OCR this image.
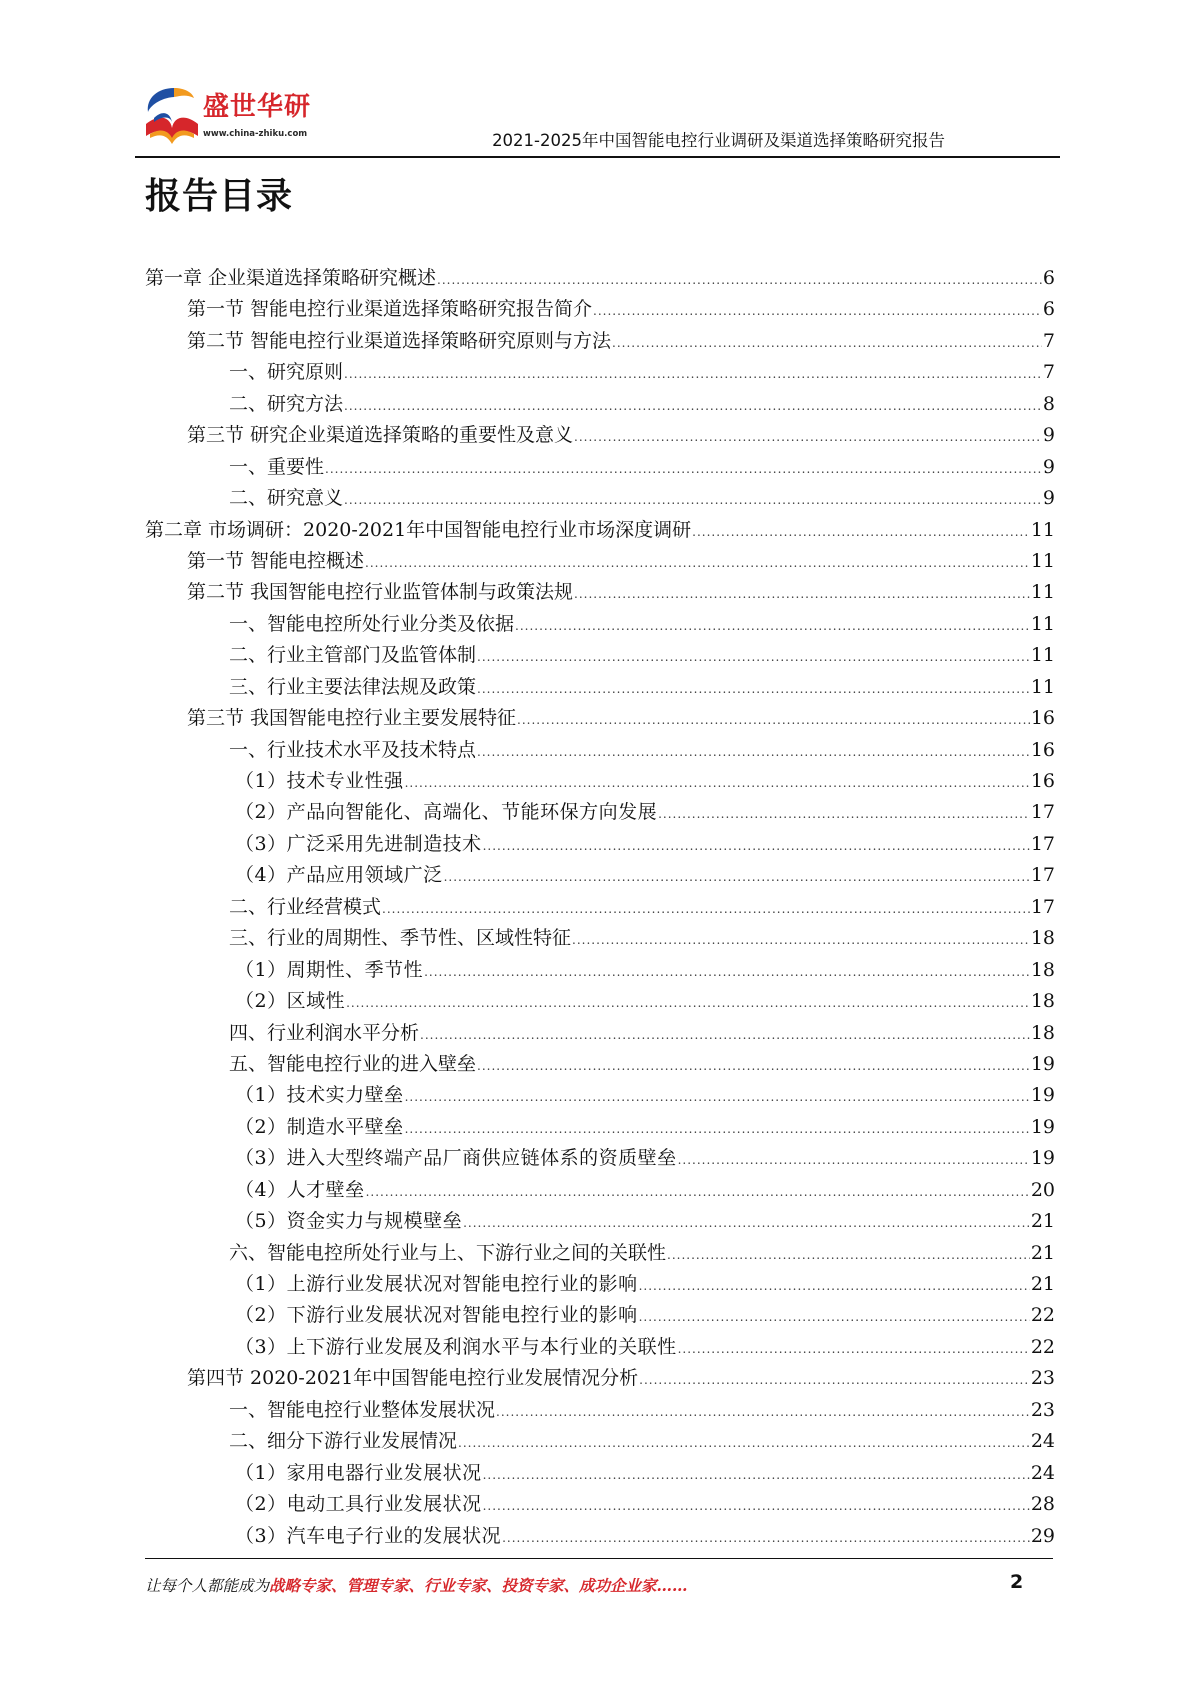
盛世华研
www.china-zhiku.com	2021-2025年中国智能电控行业调研及渠道选择策略研究报告
报告目录
第一章 企业渠道选择策略研究概述 .....	6
第一节 智能电控行业渠道选择策略研究报告简介 .....	6
第二节 智能电控行业渠道选择策略研究原则与方法 .....	7
一、研究原则 .....	7
二、研究方法 .....	8
第三节 研究企业渠道选择策略的重要性及意义 .....	9
一、重要性 .....	9
二、研究意义 .....	9
第二章 市场调研：2020-2021年中国智能电控行业市场深度调研 .....	11
第一节 智能电控概述 .....	11
第二节 我国智能电控行业监管体制与政策法规 .....	11
一、智能电控所处行业分类及依据 .....	11
二、行业主管部门及监管体制 .....	11
三、行业主要法律法规及政策 .....	11
第三节 我国智能电控行业主要发展特征 .....	16
一、行业技术水平及技术特点 .....	16
（1）技术专业性强 .....	16
（2）产品向智能化、高端化、节能环保方向发展 .....	17
（3）广泛采用先进制造技术 .....	17
（4）产品应用领域广泛 .....	17
二、行业经营模式 .....	17
三、行业的周期性、季节性、区域性特征 .....	18
（1）周期性、季节性 .....	18
（2）区域性 .....	18
四、行业利润水平分析 .....	18
五、智能电控行业的进入壁垒 .....	19
（1）技术实力壁垒 .....	19
（2）制造水平壁垒 .....	19
（3）进入大型终端产品厂商供应链体系的资质壁垒 .....	19
（4）人才壁垒 .....	20
（5）资金实力与规模壁垒 .....	21
六、智能电控所处行业与上、下游行业之间的关联性 .....	21
（1）上游行业发展状况对智能电控行业的影响 .....	21
（2）下游行业发展状况对智能电控行业的影响 .....	22
（3）上下游行业发展及利润水平与本行业的关联性 .....	22
第四节 2020-2021年中国智能电控行业发展情况分析 .....	23
一、智能电控行业整体发展状况 .....	23
二、细分下游行业发展情况 .....	24
（1）家用电器行业发展状况 .....	24
（2）电动工具行业发展状况 .....	28
（3）汽车电子行业的发展状况 .....	29
让每个人都能成为战略专家、管理专家、行业专家、投资专家、成功企业家……	2
